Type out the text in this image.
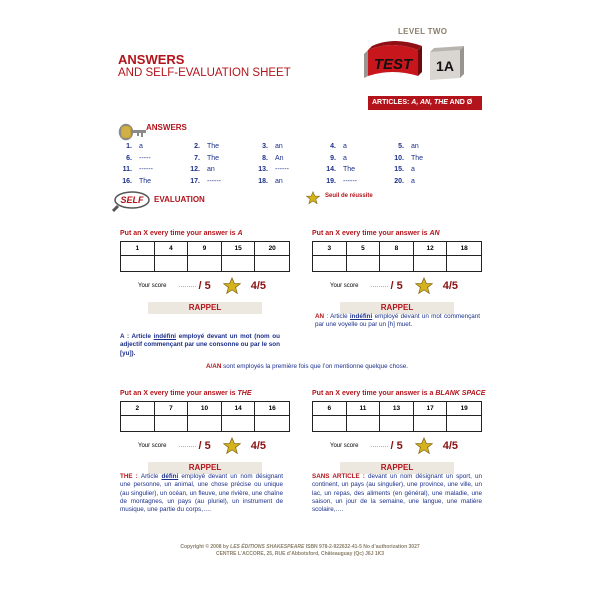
ANSWERS
AND SELF-EVALUATION SHEET
LEVEL TWO
TEST 1A
ARTICLES: A, AN, THE AND Ø
ANSWERS
1. a	2. The	3. an	4. a	5. an
6. -----	7. The	8. An	9. a	10. The
11. ------	12. an	13. ------	14. The	15. a
16. The	17. ------	18. an	19. ------	20. a
SELF EVALUATION	Seuil de réussite
Put an X every time your answer is A
1	4	9	15	20
Your score ……… / 5	4/5
RAPPEL
Put an X every time your answer is AN
3	5	8	12	18
Your score ……… / 5	4/5
RAPPEL
Put an X every time your answer is THE
2	7	10	14	16
Your score ……… / 5	4/5
RAPPEL
Put an X every time your answer is a BLANK SPACE
6	11	13	17	19
Your score ……… / 5	4/5
RAPPEL
A : Article indéfini employé devant un mot (nom ou adjectif commençant par une consonne ou par le son [yu]).
AN : Article indéfini employé devant un mot commençant par une voyelle ou par un [h] muet.
A/AN sont employés la première fois que l’on mentionne quelque chose.
THE : Article défini employé devant un nom désignant une personne, un animal, une chose précise ou unique (au singulier), un océan, un fleuve, une rivière, une chaîne de montagnes, un pays (au pluriel), un instrument de musique, une partie du corps,….
SANS ARTICLE : devant un nom désignant un sport, un continent, un pays (au singulier), une province, une ville, un lac, un repas, des aliments (en général), une maladie, une saison, un jour de la semaine, une langue, une matière scolaire,….
Copyright © 2008 by LES ÉDITIONS SHAKESPEARE ISBN 978-2-922632-41-5 No d’authorization 3027
CENTRE L’ACCORE, 25, RUE d’Abbotsford, Châteauguay (Qc) J6J 1K3
